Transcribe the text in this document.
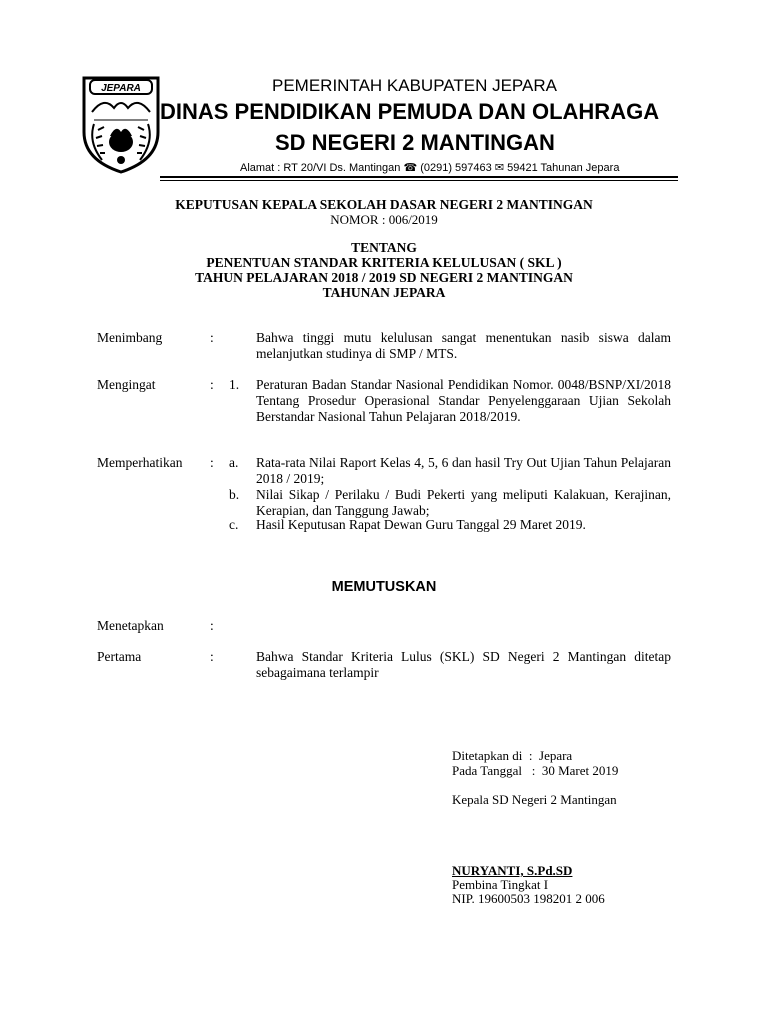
JEPARA	PEMERINTAH KABUPATEN JEPARA
DINAS PENDIDIKAN PEMUDA DAN OLAHRAGA
SD NEGERI 2 MANTINGAN
Alamat : RT 20/VI Ds. Mantingan ☎ (0291) 597463 ✉ 59421 Tahunan Jepara
KEPUTUSAN KEPALA SEKOLAH DASAR NEGERI 2 MANTINGAN
NOMOR : 006/2019
TENTANG
PENENTUAN STANDAR KRITERIA KELULUSAN ( SKL )
TAHUN PELAJARAN 2018 / 2019 SD NEGERI 2 MANTINGAN
TAHUNAN JEPARA
Menimbang	:	Bahwa tinggi mutu kelulusan sangat menentukan nasib siswa dalam melanjutkan studinya di SMP / MTS.
Mengingat	: 1. Peraturan Badan Standar Nasional Pendidikan Nomor. 0048/BSNP/XI/2018 Tentang Prosedur Operasional Standar Penyelenggaraan Ujian Sekolah Berstandar Nasional Tahun Pelajaran 2018/2019.
Memperhatikan : a. Rata-rata Nilai Raport Kelas 4, 5, 6 dan hasil Try Out Ujian Tahun Pelajaran 2018 / 2019;
b. Nilai Sikap / Perilaku / Budi Pekerti yang meliputi Kalakuan, Kerajinan, Kerapian, dan Tanggung Jawab;
c. Hasil Keputusan Rapat Dewan Guru Tanggal 29 Maret 2019.
MEMUTUSKAN
Menetapkan	:
Pertama	:	Bahwa Standar Kriteria Lulus (SKL) SD Negeri 2 Mantingan ditetap sebagaimana terlampir
Ditetapkan di  :  Jepara
Pada Tanggal   :  30 Maret 2019
Kepala SD Negeri 2 Mantingan
NURYANTI, S.Pd.SD
Pembina Tingkat I
NIP. 19600503 198201 2 006
